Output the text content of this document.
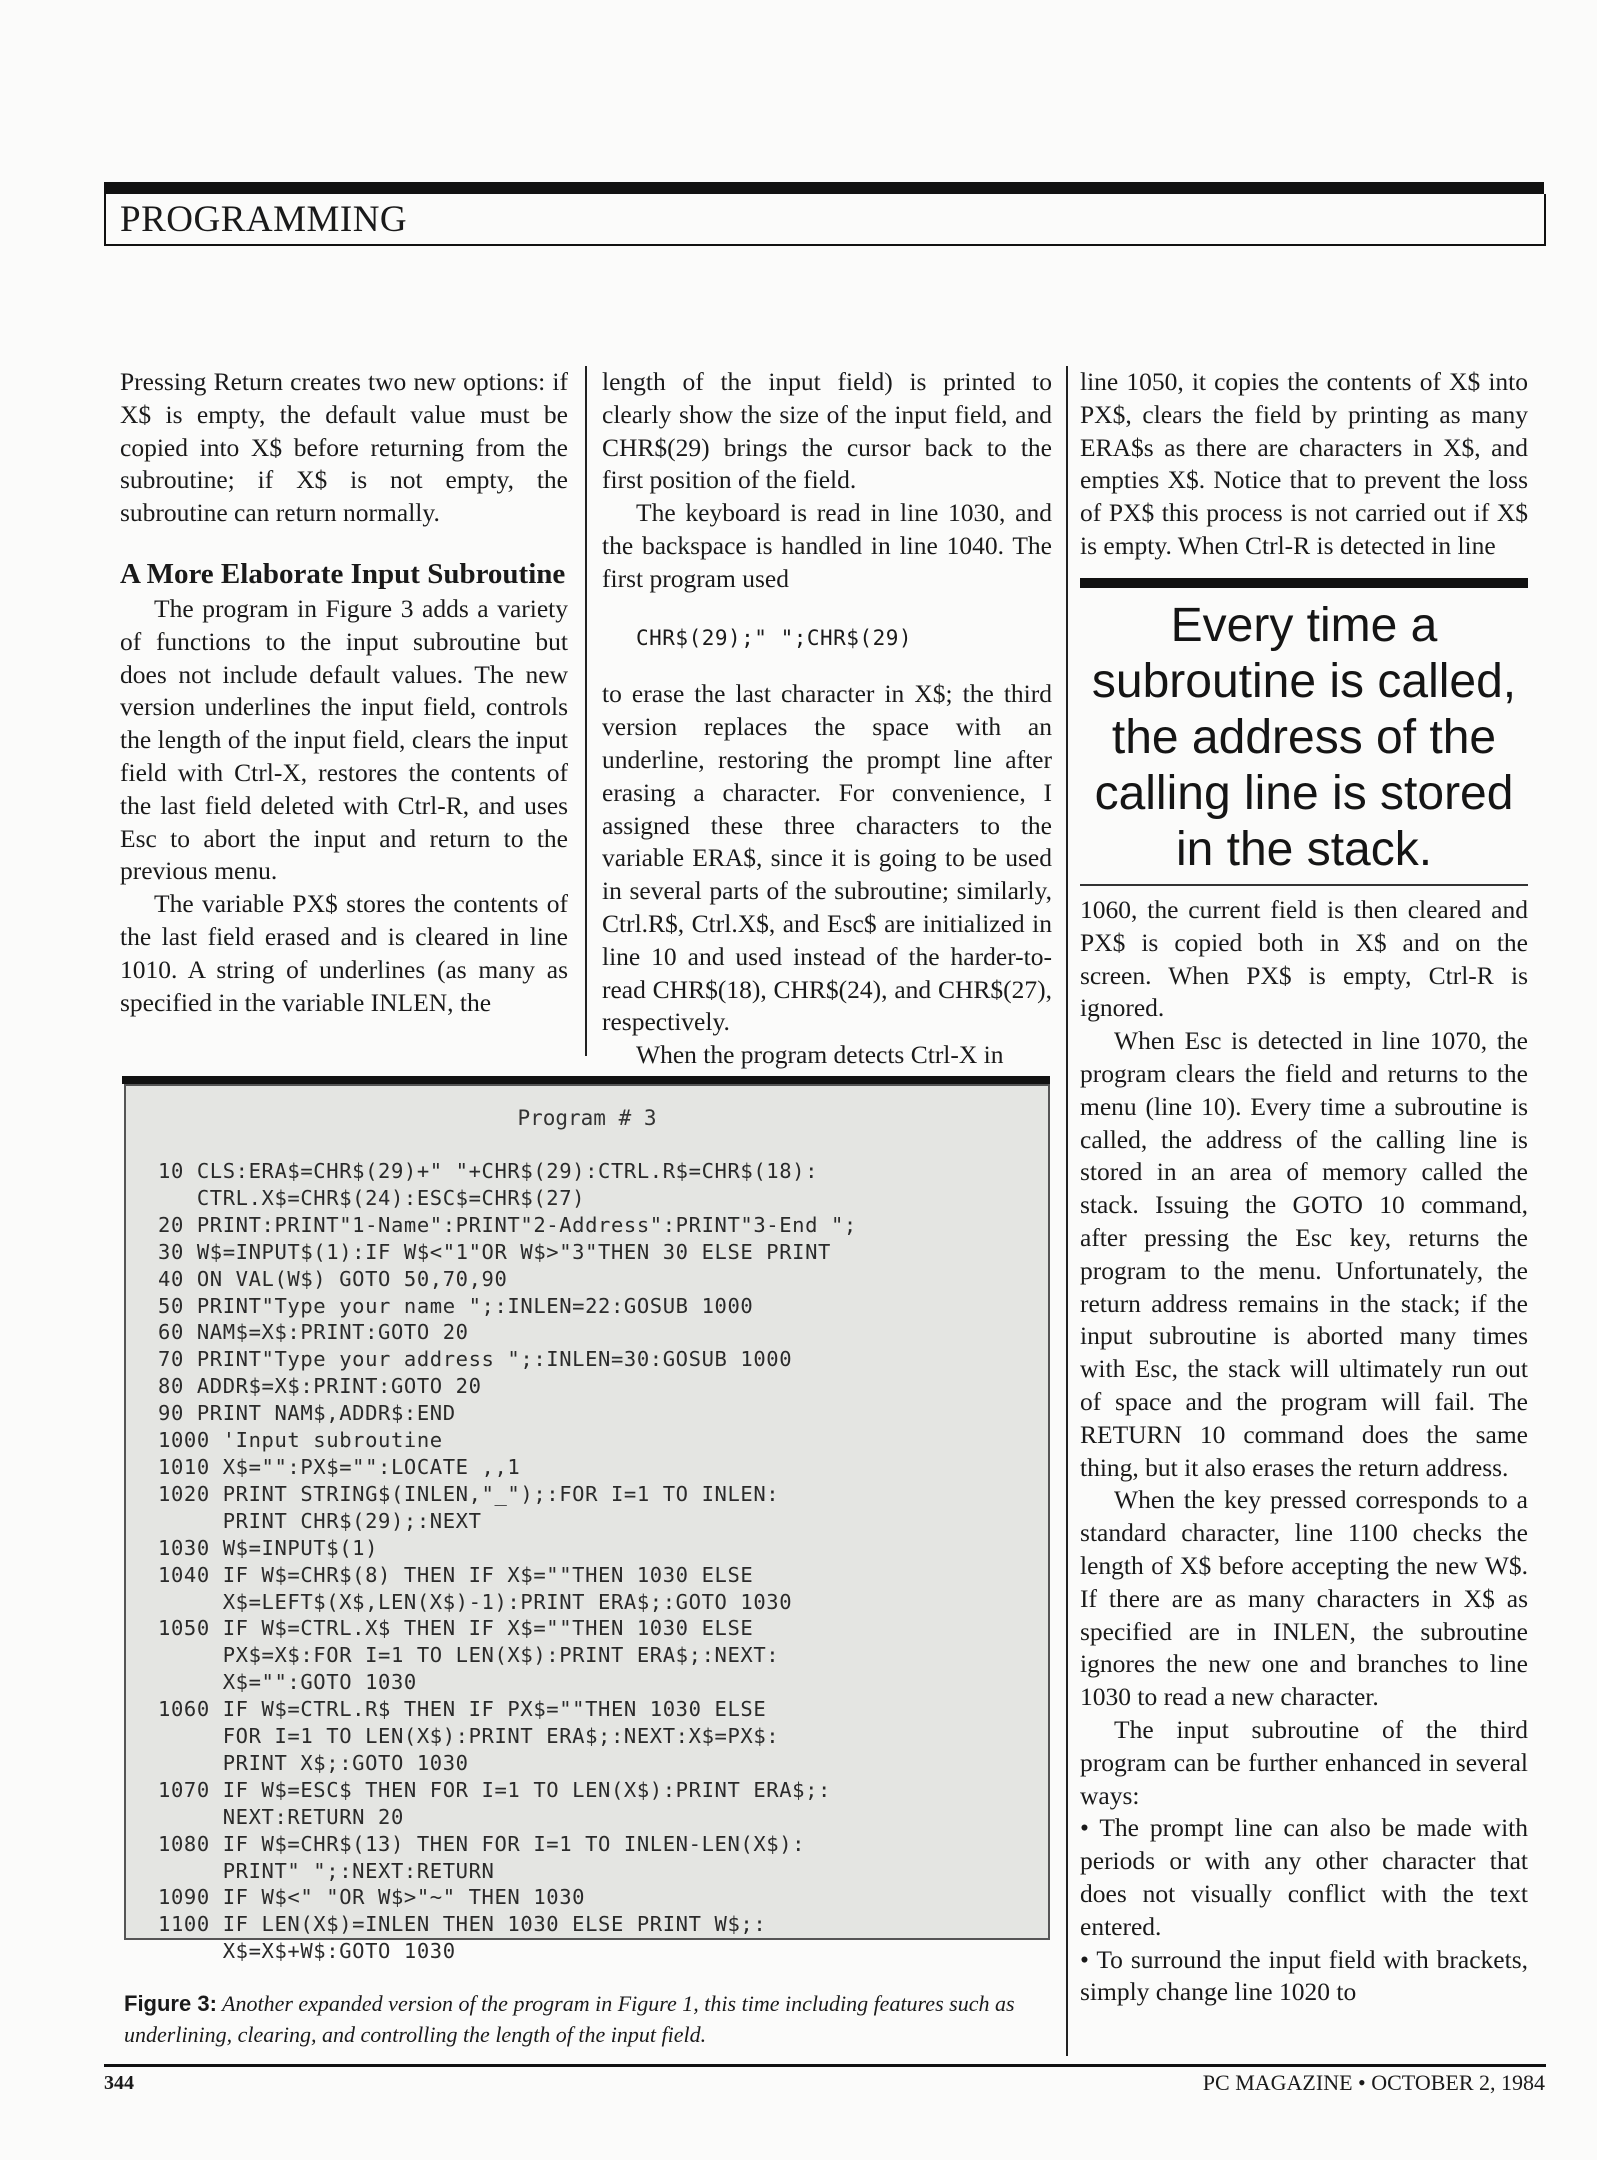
PROGRAMMING

Pressing Return creates two new options: if X$ is empty, the default value must be copied into X$ before returning from the subroutine; if X$ is not empty, the subroutine can return normally.

A More Elaborate Input Subroutine

The program in Figure 3 adds a variety of functions to the input subroutine but does not include default values. The new version underlines the input field, controls the length of the input field, clears the input field with Ctrl-X, restores the contents of the last field deleted with Ctrl-R, and uses Esc to abort the input and return to the previous menu.

The variable PX$ stores the contents of the last field erased and is cleared in line 1010. A string of underlines (as many as specified in the variable INLEN, the

length of the input field) is printed to clearly show the size of the input field, and CHR$(29) brings the cursor back to the first position of the field.

The keyboard is read in line 1030, and the backspace is handled in line 1040. The first program used

CHR$(29);" ";CHR$(29)

to erase the last character in X$; the third version replaces the space with an underline, restoring the prompt line after erasing a character. For convenience, I assigned these three characters to the variable ERA$, since it is going to be used in several parts of the subroutine; similarly, Ctrl.R$, Ctrl.X$, and Esc$ are initialized in line 10 and used instead of the harder-to-read CHR$(18), CHR$(24), and CHR$(27), respectively.

When the program detects Ctrl-X in

line 1050, it copies the contents of X$ into PX$, clears the field by printing as many ERA$s as there are characters in X$, and empties X$. Notice that to prevent the loss of PX$ this process is not carried out if X$ is empty. When Ctrl-R is detected in line

Every time a subroutine is called, the address of the calling line is stored in the stack.

1060, the current field is then cleared and PX$ is copied both in X$ and on the screen. When PX$ is empty, Ctrl-R is ignored.

When Esc is detected in line 1070, the program clears the field and returns to the menu (line 10). Every time a subroutine is called, the address of the calling line is stored in an area of memory called the stack. Issuing the GOTO 10 command, after pressing the Esc key, returns the program to the menu. Unfortunately, the return address remains in the stack; if the input subroutine is aborted many times with Esc, the stack will ultimately run out of space and the program will fail. The RETURN 10 command does the same thing, but it also erases the return address.

When the key pressed corresponds to a standard character, line 1100 checks the length of X$ before accepting the new W$. If there are as many characters in X$ as specified are in INLEN, the subroutine ignores the new one and branches to line 1030 to read a new character.

The input subroutine of the third program can be further enhanced in several ways:

• The prompt line can also be made with periods or with any other character that does not visually conflict with the text entered.

• To surround the input field with brackets, simply change line 1020 to

Program # 3
10 CLS:ERA$=CHR$(29)+" "+CHR$(29):CTRL.R$=CHR$(18):
CTRL.X$=CHR$(24):ESC$=CHR$(27)
20 PRINT:PRINT"1-Name":PRINT"2-Address":PRINT"3-End ";
30 W$=INPUT$(1):IF W$<"1"OR W$>"3"THEN 30 ELSE PRINT
40 ON VAL(W$) GOTO 50,70,90
50 PRINT"Type your name ";:INLEN=22:GOSUB 1000
60 NAM$=X$:PRINT:GOTO 20
70 PRINT"Type your address ";:INLEN=30:GOSUB 1000
80 ADDR$=X$:PRINT:GOTO 20
90 PRINT NAM$,ADDR$:END
1000 'Input subroutine
1010 X$="":PX$="":LOCATE ,,1
1020 PRINT STRING$(INLEN,"_");:FOR I=1 TO INLEN:
PRINT CHR$(29);:NEXT
1030 W$=INPUT$(1)
1040 IF W$=CHR$(8) THEN IF X$=""THEN 1030 ELSE
X$=LEFT$(X$,LEN(X$)-1):PRINT ERA$;:GOTO 1030
1050 IF W$=CTRL.X$ THEN IF X$=""THEN 1030 ELSE
PX$=X$:FOR I=1 TO LEN(X$):PRINT ERA$;:NEXT:
X$="":GOTO 1030
1060 IF W$=CTRL.R$ THEN IF PX$=""THEN 1030 ELSE
FOR I=1 TO LEN(X$):PRINT ERA$;:NEXT:X$=PX$:
PRINT X$;:GOTO 1030
1070 IF W$=ESC$ THEN FOR I=1 TO LEN(X$):PRINT ERA$;:
NEXT:RETURN 20
1080 IF W$=CHR$(13) THEN FOR I=1 TO INLEN-LEN(X$):
PRINT" ";:NEXT:RETURN
1090 IF W$<" "OR W$>"~" THEN 1030
1100 IF LEN(X$)=INLEN THEN 1030 ELSE PRINT W$;:
X$=X$+W$:GOTO 1030
Figure 3: Another expanded version of the program in Figure 1, this time including features such as underlining, clearing, and controlling the length of the input field.
344	PC MAGAZINE • OCTOBER 2, 1984
